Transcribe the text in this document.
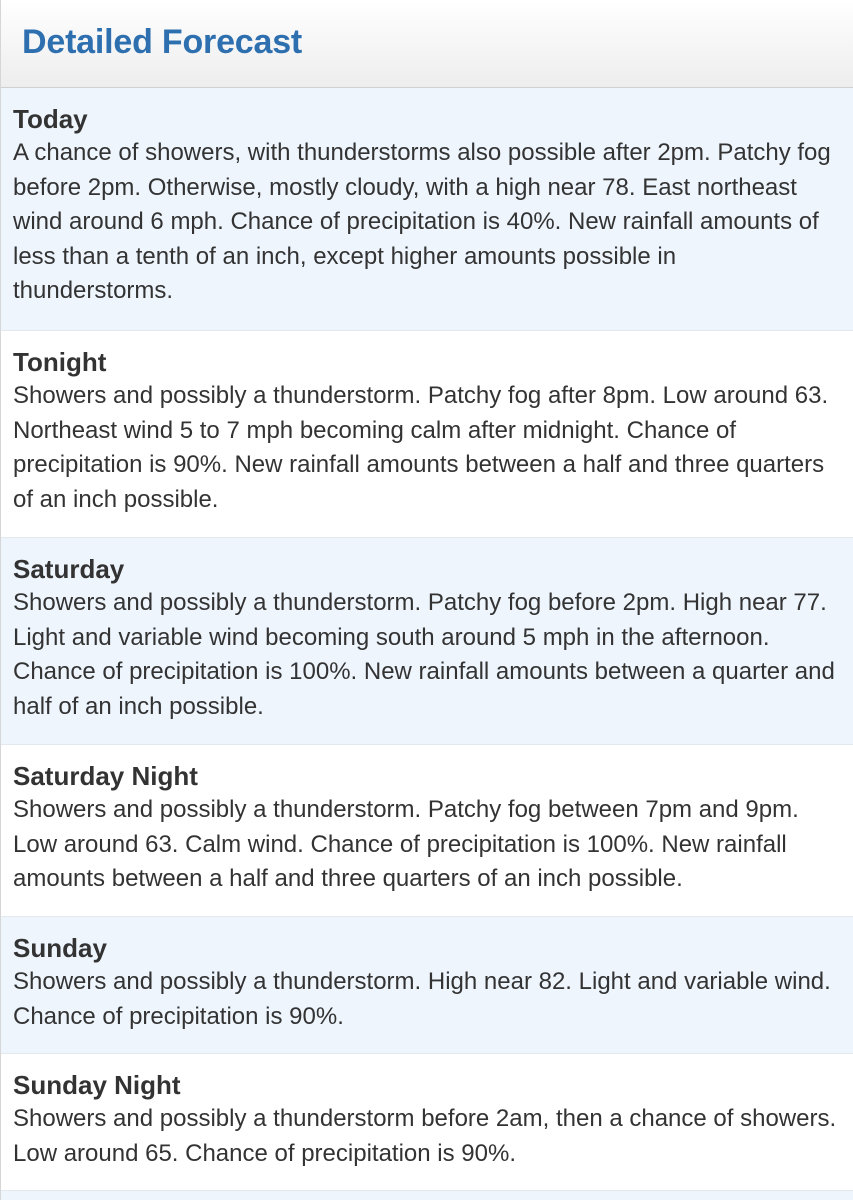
Detailed Forecast
Today
A chance of showers, with thunderstorms also possible after 2pm. Patchy fog before 2pm. Otherwise, mostly cloudy, with a high near 78. East northeast wind around 6 mph. Chance of precipitation is 40%. New rainfall amounts of less than a tenth of an inch, except higher amounts possible in thunderstorms.
Tonight
Showers and possibly a thunderstorm. Patchy fog after 8pm. Low around 63. Northeast wind 5 to 7 mph becoming calm after midnight. Chance of precipitation is 90%. New rainfall amounts between a half and three quarters of an inch possible.
Saturday
Showers and possibly a thunderstorm. Patchy fog before 2pm. High near 77. Light and variable wind becoming south around 5 mph in the afternoon. Chance of precipitation is 100%. New rainfall amounts between a quarter and half of an inch possible.
Saturday Night
Showers and possibly a thunderstorm. Patchy fog between 7pm and 9pm. Low around 63. Calm wind. Chance of precipitation is 100%. New rainfall amounts between a half and three quarters of an inch possible.
Sunday
Showers and possibly a thunderstorm. High near 82. Light and variable wind. Chance of precipitation is 90%.
Sunday Night
Showers and possibly a thunderstorm before 2am, then a chance of showers. Low around 65. Chance of precipitation is 90%.
